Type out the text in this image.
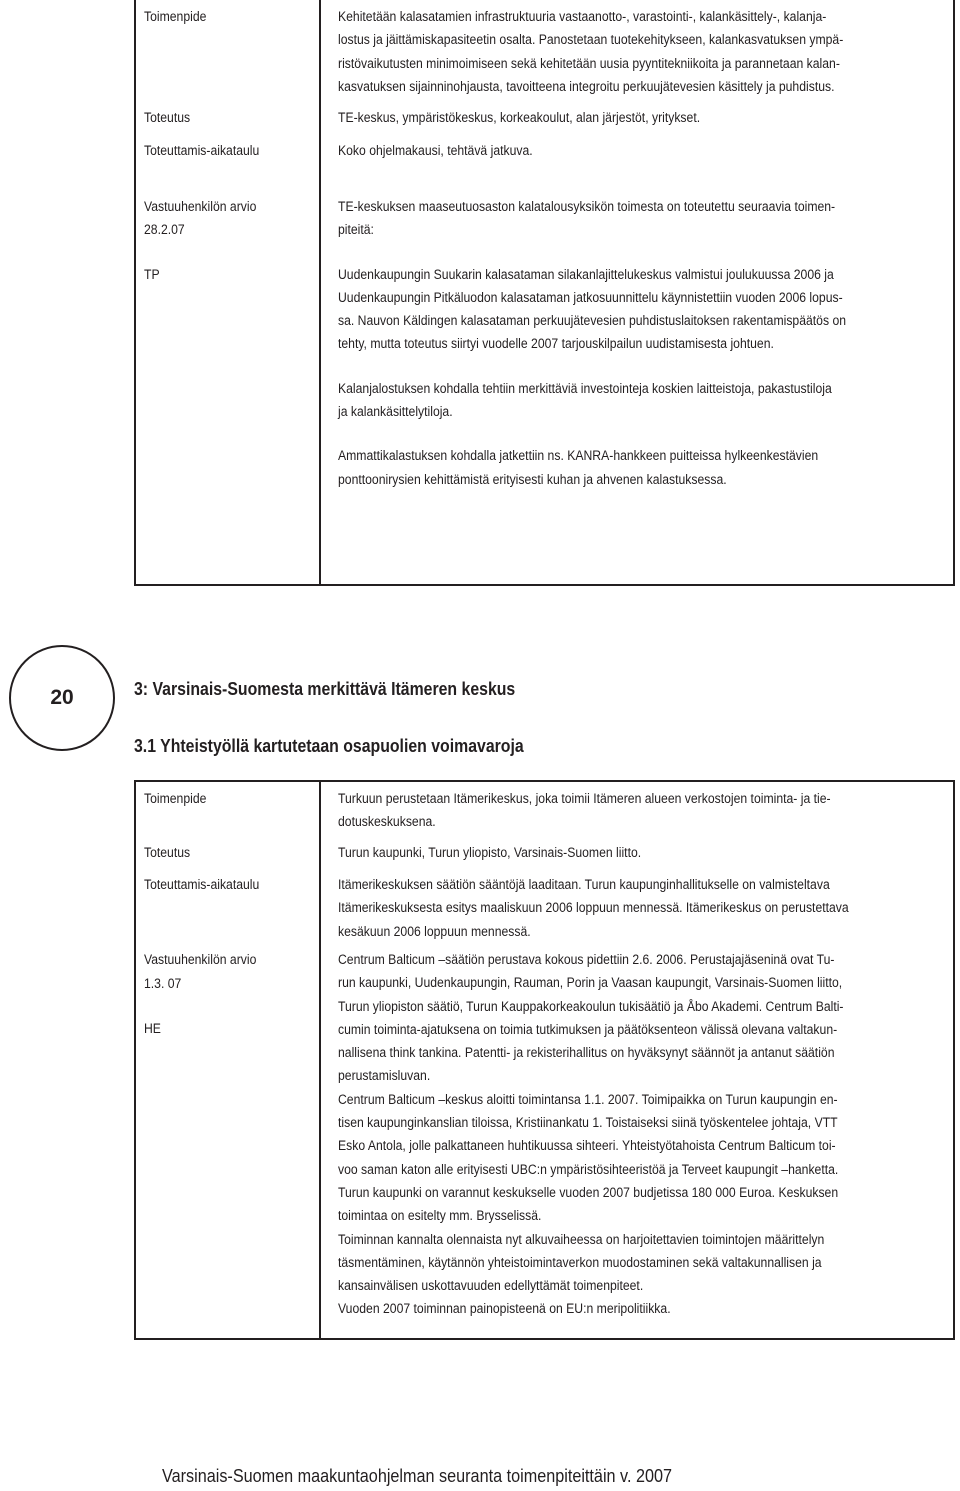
Toimenpide
Toteutus
Toteuttamis-aikataulu
Vastuuhenkilön arvio
28.2.07
TP
Kehitetään kalasatamien infrastruktuuria vastaanotto-, varastointi-, kalankäsittely-, kalanja-
lostus ja jäittämiskapasiteetin osalta. Panostetaan tuotekehitykseen, kalankasvatuksen ympä-
ristövaikutusten minimoimiseen sekä kehitetään uusia pyyntitekniikoita ja parannetaan kalan-
kasvatuksen sijainninohjausta, tavoitteena integroitu perkuujätevesien käsittely ja puhdistus.
TE-keskus, ympäristökeskus, korkeakoulut, alan järjestöt, yritykset.
Koko ohjelmakausi, tehtävä jatkuva.
TE-keskuksen maaseutuosaston kalatalousyksikön toimesta on toteutettu seuraavia toimen-
piteitä:
Uudenkaupungin Suukarin kalasataman silakanlajittelukeskus valmistui joulukuussa 2006 ja
Uudenkaupungin Pitkäluodon kalasataman jatkosuunnittelu käynnistettiin vuoden 2006 lopus-
sa. Nauvon Käldingen kalasataman perkuujätevesien puhdistuslaitoksen rakentamispäätös on
tehty, mutta toteutus siirtyi vuodelle 2007 tarjouskilpailun uudistamisesta johtuen.
Kalanjalostuksen kohdalla tehtiin merkittäviä investointeja koskien laitteistoja, pakastustiloja
ja kalankäsittelytiloja.
Ammattikalastuksen kohdalla jatkettiin ns. KANRA-hankkeen puitteissa hylkeenkestävien
ponttoonirysien kehittämistä erityisesti kuhan ja ahvenen kalastuksessa.
20	3: Varsinais-Suomesta merkittävä Itämeren keskus
3.1 Yhteistyöllä kartutetaan osapuolien voimavaroja
Toimenpide
Toteutus
Toteuttamis-aikataulu
Vastuuhenkilön arvio
1.3. 07
HE
Turkuun perustetaan Itämerikeskus, joka toimii Itämeren alueen verkostojen toiminta- ja tie-
dotuskeskuksena.
Turun kaupunki, Turun yliopisto, Varsinais-Suomen liitto.
Itämerikeskuksen säätiön sääntöjä laaditaan. Turun kaupunginhallitukselle on valmisteltava
Itämerikeskuksesta esitys maaliskuun 2006 loppuun mennessä. Itämerikeskus on perustettava
kesäkuun 2006 loppuun mennessä.
Centrum Balticum –säätiön perustava kokous pidettiin 2.6. 2006. Perustajajäseninä ovat Tu-
run kaupunki, Uudenkaupungin, Rauman, Porin ja Vaasan kaupungit, Varsinais-Suomen liitto,
Turun yliopiston säätiö, Turun Kauppakorkeakoulun tukisäätiö ja Åbo Akademi. Centrum Balti-
cumin toiminta-ajatuksena on toimia tutkimuksen ja päätöksenteon välissä olevana valtakun-
nallisena think tankina. Patentti- ja rekisterihallitus on hyväksynyt säännöt ja antanut säätiön
perustamisluvan.
Centrum Balticum –keskus aloitti toimintansa 1.1. 2007. Toimipaikka on Turun kaupungin en-
tisen kaupunginkanslian tiloissa, Kristiinankatu 1. Toistaiseksi siinä työskentelee johtaja, VTT
Esko Antola, jolle palkattaneen huhtikuussa sihteeri. Yhteistyötahoista Centrum Balticum toi-
voo saman katon alle erityisesti UBC:n ympäristösihteeristöä ja Terveet kaupungit –hanketta.
Turun kaupunki on varannut keskukselle vuoden 2007 budjetissa 180 000 Euroa. Keskuksen
toimintaa on esitelty mm. Brysselissä.
Toiminnan kannalta olennaista nyt alkuvaiheessa on harjoitettavien toimintojen määrittelyn
täsmentäminen, käytännön yhteistoimintaverkon muodostaminen sekä valtakunnallisen ja
kansainvälisen uskottavuuden edellyttämät toimenpiteet.
Vuoden 2007 toiminnan painopisteenä on EU:n meripolitiikka.
Varsinais-Suomen maakuntaohjelman seuranta toimenpiteittäin v. 2007
